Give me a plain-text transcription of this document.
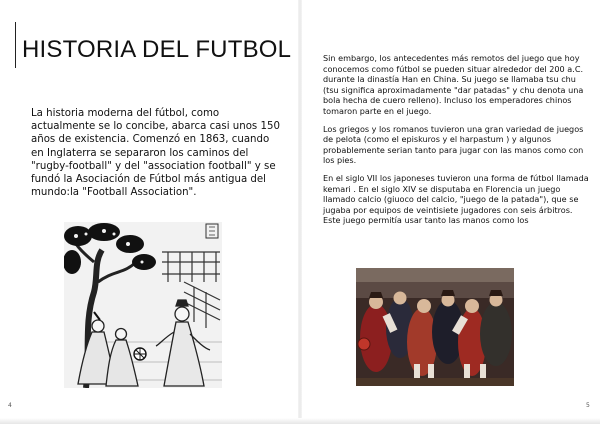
HISTORIA DEL FUTBOL

La historia moderna del fútbol, como actualmente se lo concibe, abarca casi unos 150 años de existencia. Comenzó en 1863, cuando en Inglaterra se separaron los caminos del "rugby-football" y del "association football" y se fundó la Asociación de Fútbol más antigua del mundo:la "Football Association".

4

Sin embargo, los antecedentes más remotos del juego que hoy conocemos como fútbol se pueden situar alrededor del 200 a.C. durante la dinastía Han en China. Su juego se llamaba tsu chu (tsu significa aproximadamente "dar patadas" y chu denota una bola hecha de cuero relleno). Incluso los emperadores chinos tomaron parte en el juego.

Los griegos y los romanos tuvieron una gran variedad de juegos de pelota (como el episkuros y el harpastum ) y algunos probablemente serian tanto para jugar con las manos como con los pies.

En el siglo VII los japoneses tuvieron una forma de fútbol llamada kemari . En el siglo XIV se disputaba en Florencia un juego llamado calcio (giuoco del calcio, "juego de la patada"), que se jugaba por equipos de veintisiete jugadores con seis árbitros. Este juego permitía usar tanto las manos como los

5
